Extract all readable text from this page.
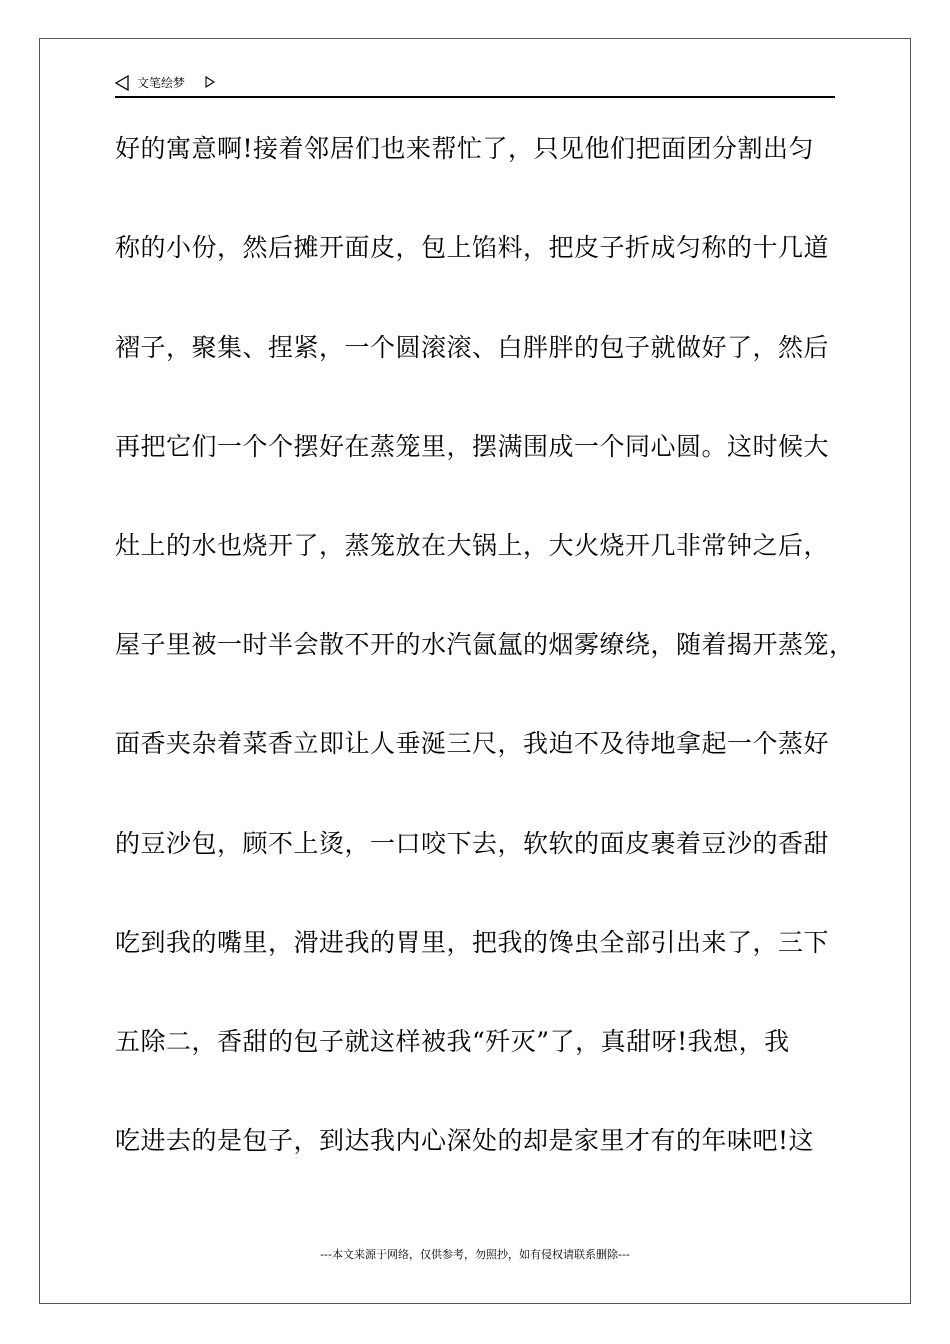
文笔绘梦
好的寓意啊!接着邻居们也来帮忙了，只见他们把面团分割出匀
称的小份，然后摊开面皮，包上馅料，把皮子折成匀称的十几道
褶子，聚集、捏紧，一个圆滚滚、白胖胖的包子就做好了，然后
再把它们一个个摆好在蒸笼里，摆满围成一个同心圆。这时候大
灶上的水也烧开了，蒸笼放在大锅上，大火烧开几非常钟之后，
屋子里被一时半会散不开的水汽氤氲的烟雾缭绕，随着揭开蒸笼，
面香夹杂着菜香立即让人垂涎三尺，我迫不及待地拿起一个蒸好
的豆沙包，顾不上烫，一口咬下去，软软的面皮裹着豆沙的香甜
吃到我的嘴里，滑进我的胃里，把我的馋虫全部引出来了，三下
五除二，香甜的包子就这样被我“歼灭”了，真甜呀!我想，我
吃进去的是包子，到达我内心深处的却是家里才有的年味吧!这
---本文来源于网络，仅供参考，勿照抄，如有侵权请联系删除---
